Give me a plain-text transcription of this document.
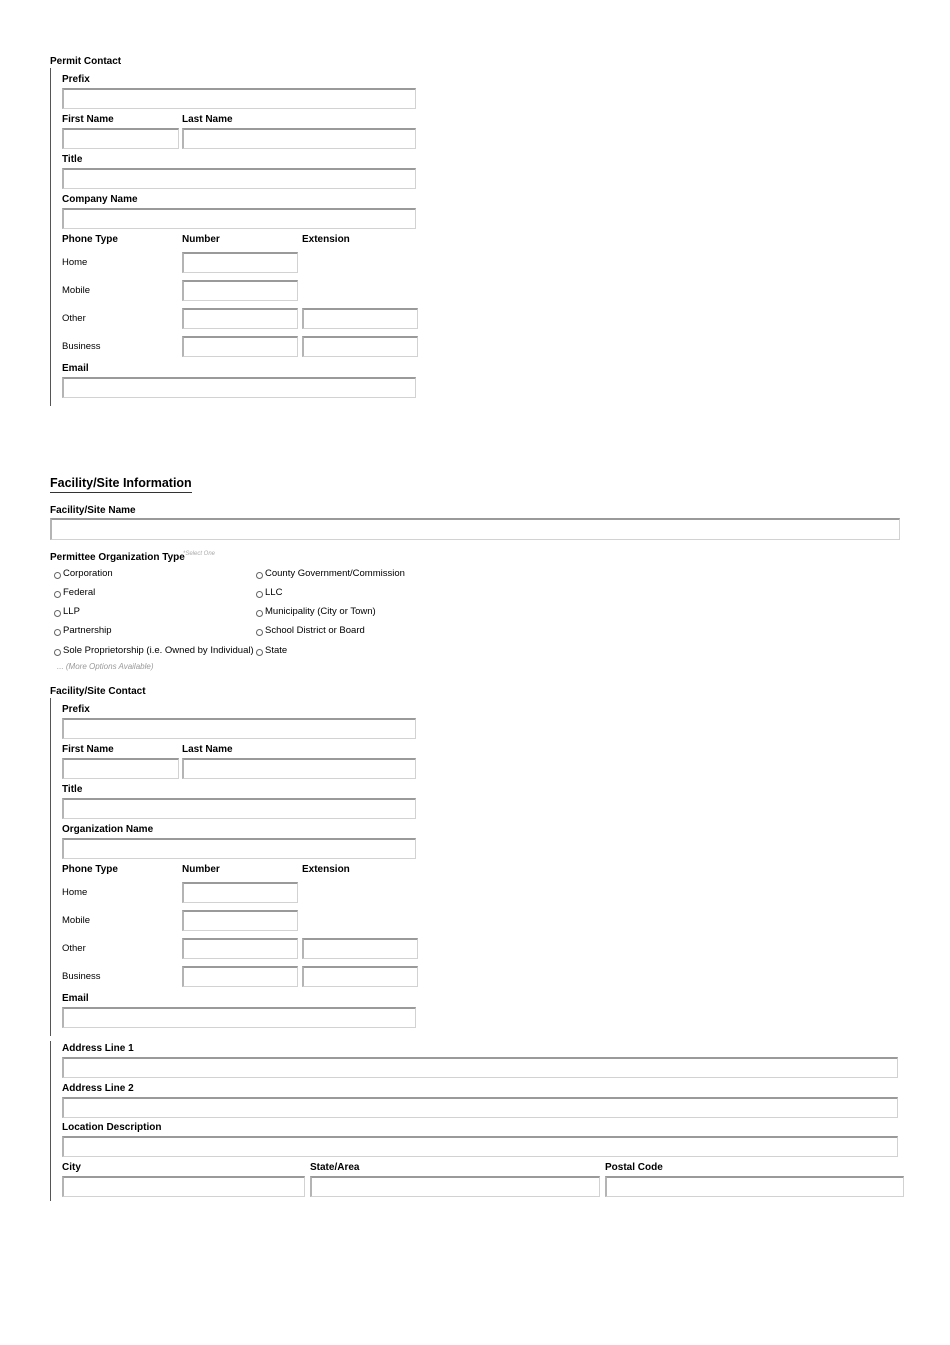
Permit Contact
Prefix
First Name	Last Name
Title
Company Name
Phone Type	Number	Extension
Home
Mobile
Other
Business
Email
Facility/Site Information
Facility/Site Name
Permittee Organization Type
*Select One
Corporation
Federal
LLP
Partnership
Sole Proprietorship (i.e. Owned by Individual)
County Government/Commission
LLC
Municipality (City or Town)
School District or Board
State
... (More Options Available)
Facility/Site Contact
Prefix
First Name	Last Name
Title
Organization Name
Phone Type	Number	Extension
Home
Mobile
Other
Business
Email
Address Line 1
Address Line 2
Location Description
City	State/Area	Postal Code
